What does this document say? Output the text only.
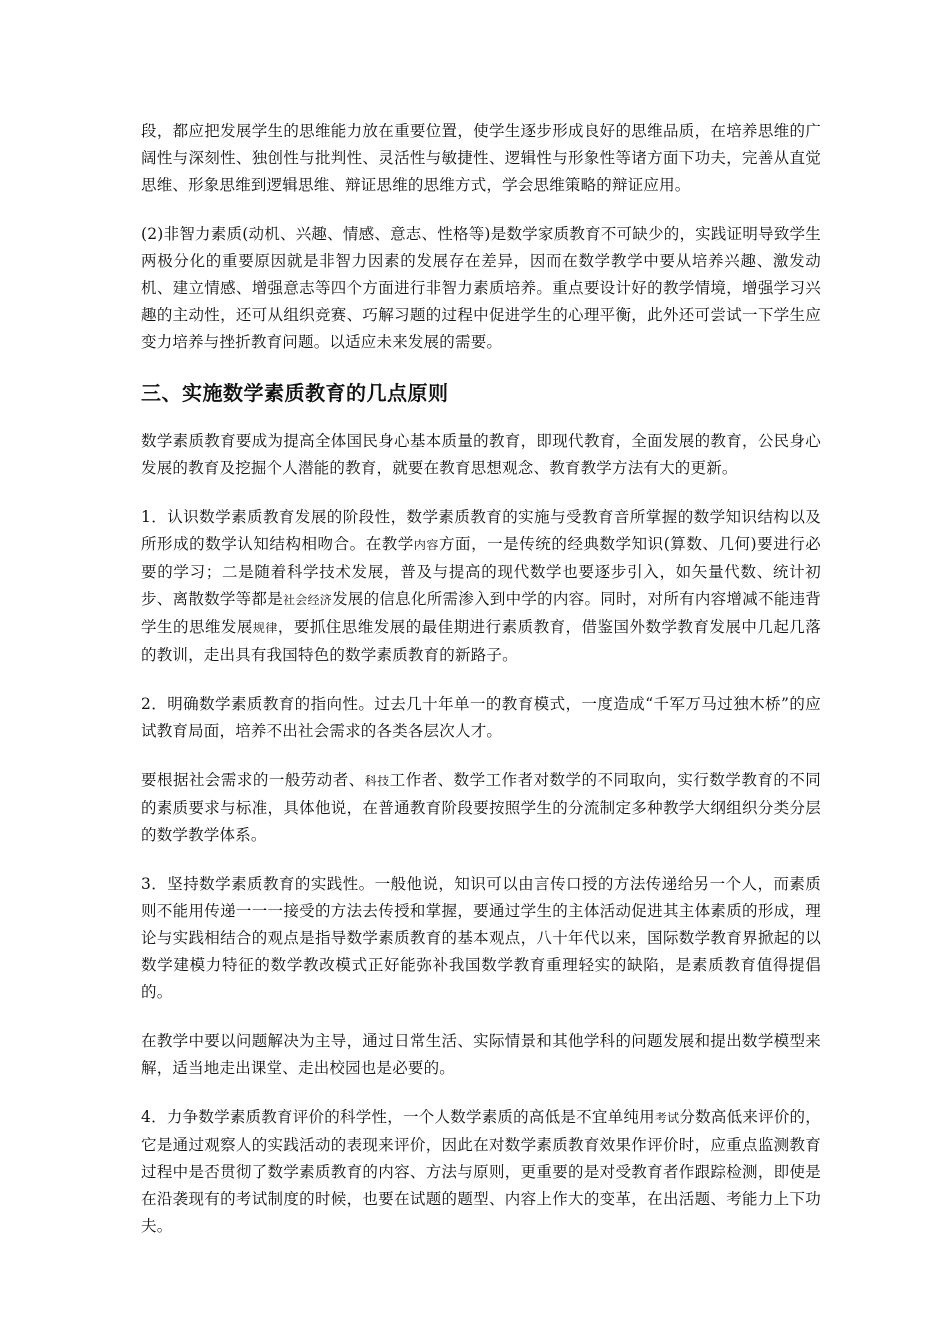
段，都应把发展学生的思维能力放在重要位置，使学生逐步形成良好的思维品质，在培养思维的广阔性与深刻性、独创性与批判性、灵活性与敏捷性、逻辑性与形象性等诸方面下功夫，完善从直觉思维、形象思维到逻辑思维、辩证思维的思维方式，学会思维策略的辩证应用。

(2)非智力素质(动机、兴趣、情感、意志、性格等)是数学家质教育不可缺少的，实践证明导致学生两极分化的重要原因就是非智力因素的发展存在差异，因而在数学教学中要从培养兴趣、激发动机、建立情感、增强意志等四个方面进行非智力素质培养。重点要设计好的教学情境，增强学习兴趣的主动性，还可从组织竞赛、巧解习题的过程中促进学生的心理平衡，此外还可尝试一下学生应变力培养与挫折教育问题。以适应未来发展的需要。

三、实施数学素质教育的几点原则

数学素质教育要成为提高全体国民身心基本质量的教育，即现代教育，全面发展的教育，公民身心发展的教育及挖掘个人潜能的教育，就要在教育思想观念、教育教学方法有大的更新。

1．认识数学素质教育发展的阶段性，数学素质教育的实施与受教育音所掌握的数学知识结构以及所形成的数学认知结构相吻合。在教学内容方面，一是传统的经典数学知识(算数、几何)要进行必要的学习；二是随着科学技术发展，普及与提高的现代数学也要逐步引入，如矢量代数、统计初步、离散数学等都是社会经济发展的信息化所需渗入到中学的内容。同时，对所有内容增减不能违背学生的思维发展规律，要抓住思维发展的最佳期进行素质教育，借鉴国外数学教育发展中几起几落的教训，走出具有我国特色的数学素质教育的新路子。

2．明确数学素质教育的指向性。过去几十年单一的教育模式，一度造成“千军万马过独木桥”的应试教育局面，培养不出社会需求的各类各层次人才。

要根据社会需求的一般劳动者、科技工作者、数学工作者对数学的不同取向，实行数学教育的不同的素质要求与标准，具体他说，在普通教育阶段要按照学生的分流制定多种教学大纲组织分类分层的数学教学体系。

3．坚持数学素质教育的实践性。一般他说，知识可以由言传口授的方法传递给另一个人，而素质则不能用传递一一一接受的方法去传授和掌握，要通过学生的主体活动促进其主体素质的形成，理论与实践相结合的观点是指导数学素质教育的基本观点，八十年代以来，国际数学教育界掀起的以数学建模力特征的数学教改模式正好能弥补我国数学教育重理轻实的缺陷，是素质教育值得提倡的。

在教学中要以问题解决为主导，通过日常生活、实际情景和其他学科的问题发展和提出数学模型来解，适当地走出课堂、走出校园也是必要的。

4．力争数学素质教育评价的科学性，一个人数学素质的高低是不宜单纯用考试分数高低来评价的，它是通过观察人的实践活动的表现来评价，因此在对数学素质教育效果作评价时，应重点监测教育过程中是否贯彻了数学素质教育的内容、方法与原则，更重要的是对受教育者作跟踪检测，即使是在沿袭现有的考试制度的时候，也要在试题的题型、内容上作大的变革，在出活题、考能力上下功夫。
